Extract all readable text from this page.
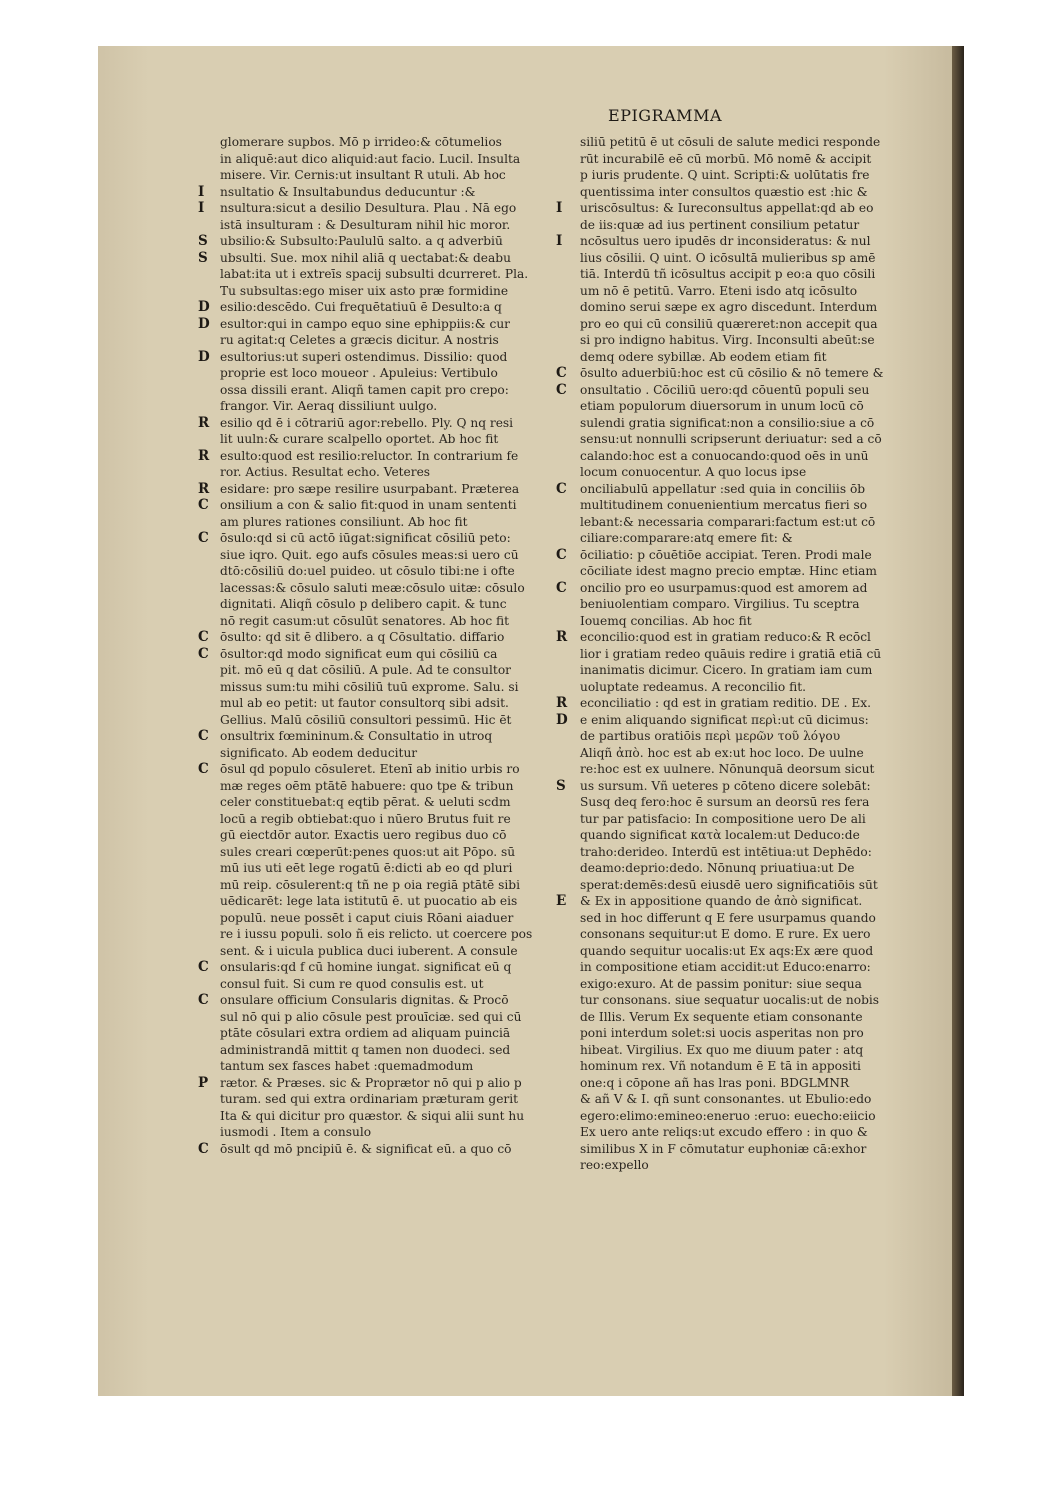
EPIGRAMMA
glomerare supbos. Mō p irrideo:& cōtumelios
in aliquē:aut dico aliquid:aut facio. Lucil. Insulta
misere. Vir. Cernis:ut insultant R utuli. Ab hoc
I nsultatio & Insultabundus deducuntur :&
I nsultura:sicut a desilio Desultura. Plau . Nā ego
istā insulturam : & Desulturam nihil hic moror.
S ubsilio:& Subsulto:Paululū salto. a q adverbiū
S ubsulti. Sue. mox nihil aliā q uectabat:& deabu
labat:ita ut i extreīs spacij subsulti dcurreret. Pla.
Tu subsultas:ego miser uix asto præ formidine
D esilio:descēdo. Cui frequētatiuū ē Desulto:a q
D esultor:qui in campo equo sine ephippiis:& cur
ru agitat:q Celetes a græcis dicitur. A nostris
D esultorius:ut superi ostendimus. Dissilio: quod
proprie est loco moueor . Apuleius: Vertibulo
ossa dissili erant. Aliqñ tamen capit pro crepo:
frangor. Vir. Aeraq dissiliunt uulgo.
R esilio qd ē i cōtrariū agor:rebello. Ply. Q nq resi
lit uuln:& curare scalpello oportet. Ab hoc fit
R esulto:quod est resilio:reluctor. In contrarium fe
ror. Actius. Resultat echo. Veteres
R esidare: pro sæpe resilire usurpabant. Præterea
C onsilium a con & salio fit:quod in unam sententi
am plures rationes consiliunt. Ab hoc fit
C ōsulo:qd si cū actō iūgat:significat cōsiliū peto:
siue iqro. Quit. ego aufs cōsules meas:si uero cū
dtō:cōsiliū do:uel puideo. ut cōsulo tibi:ne i ofte
lacessas:& cōsulo saluti meæ:cōsulo uitæ: cōsulo
dignitati. Aliqñ cōsulo p delibero capit. & tunc
nō regit casum:ut cōsulūt senatores. Ab hoc fit
C ōsulto: qd sit ē dlibero. a q Cōsultatio. diffario
C ōsultor:qd modo significat eum qui cōsiliū ca
pit. mō eū q dat cōsiliū. A pule. Ad te consultor
missus sum:tu mihi cōsiliū tuū exprome. Salu. si
mul ab eo petit: ut fautor consultorq sibi adsit.
Gellius. Malū cōsiliū consultori pessimū. Hic ēt
C onsultrix fœmininum.& Consultatio in utroq
significato. Ab eodem deducitur
C ōsul qd populo cōsuleret. Etenī ab initio urbis ro
mæ reges oēm ptātē habuere: quo tpe & tribun
celer constituebat:q eqtib pērat. & ueluti scdm
locū a regib obtiebat:quo i nūero Brutus fuit re
gū eiectdōr autor. Exactis uero regibus duo cō
sules creari cœperūt:penes quos:ut ait Pōpo. sū
mū ius uti eēt lege rogatū ē:dicti ab eo qd pluri
mū reip. cōsulerent:q tñ ne p oia regiā ptātē sibi
uēdicarēt: lege lata istitutū ē. ut puocatio ab eis
populū. neue possēt i caput ciuis Rōani aiaduer
re i iussu populi. solo ñ eis relicto. ut coercere pos
sent. & i uicula publica duci iuberent. A consule
C onsularis:qd f cū homine iungat. significat eū q
consul fuit. Si cum re quod consulis est. ut
C onsulare officium Consularis dignitas. & Procō
sul nō qui p alio cōsule pest prouīciæ. sed qui cū
ptāte cōsulari extra ordiem ad aliquam puinciā
administrandā mittit q tamen non duodeci. sed
tantum sex fasces habet :quemadmodum
P rætor. & Præses. sic & Proprætor nō qui p alio p
turam. sed qui extra ordinariam præturam gerit
Ita & qui dicitur pro quæstor. & siqui alii sunt hu
iusmodi . Item a consulo
C ōsult qd mō pncipiū ē. & significat eū. a quo cō
siliū petitū ē ut cōsuli de salute medici responde
rūt incurabilē eē cū morbū. Mō nomē & accipit
p iuris prudente. Q uint. Scripti:& uolūtatis fre
quentissima inter consultos quæstio est :hic &
I uriscōsultus: & Iureconsultus appellat:qd ab eo
de iis:quæ ad ius pertinent consilium petatur
I ncōsultus uero ipudēs dr inconsideratus: & nul
lius cōsilii. Q uint. O icōsultā mulieribus sp amē
tiā. Interdū tñ icōsultus accipit p eo:a quo cōsili
um nō ē petitū. Varro. Eteni isdo atq icōsulto
domino serui sæpe ex agro discedunt. Interdum
pro eo qui cū consiliū quæreret:non accepit qua
si pro indigno habitus. Virg. Inconsulti abeūt:se
demq odere sybillæ. Ab eodem etiam fit
C ōsulto aduerbiū:hoc est cū cōsilio & nō temere &
C onsultatio . Cōciliū uero:qd cōuentū populi seu
etiam populorum diuersorum in unum locū cō
sulendi gratia significat:non a consilio:siue a cō
sensu:ut nonnulli scripserunt deriuatur: sed a cō
calando:hoc est a conuocando:quod oēs in unū
locum conuocentur. A quo locus ipse
C onciliabulū appellatur :sed quia in conciliis ōb
multitudinem conuenientium mercatus fieri so
lebant:& necessaria comparari:factum est:ut cō
ciliare:comparare:atq emere fit: &
C ōciliatio: p cōuētiōe accipiat. Teren. Prodi male
cōciliate idest magno precio emptæ. Hinc etiam
C oncilio pro eo usurpamus:quod est amorem ad
beniuolentiam comparo. Virgilius. Tu sceptra
Iouemq concilias. Ab hoc fit
R econcilio:quod est in gratiam reduco:& R ecōcl
lior i gratiam redeo quāuis redire i gratiā etiā cū
inanimatis dicimur. Cicero. In gratiam iam cum
uoluptate redeamus. A reconcilio fit.
R econciliatio : qd est in gratiam reditio. DE . Ex.
D e enim aliquando significat περὶ:ut cū dicimus:
de partibus oratiōis περὶ μερῶν τοῦ λόγου
Aliqñ ἀπὸ. hoc est ab ex:ut hoc loco. De uulne
re:hoc est ex uulnere. Nōnunquā deorsum sicut
S us sursum. Vñ ueteres p cōteno dicere solebāt:
Susq deq fero:hoc ē sursum an deorsū res fera
tur par patisfacio: In compositione uero De ali
quando significat κατὰ localem:ut Deduco:de
traho:derideo. Interdū est intētiua:ut Dephēdo:
deamo:deprio:dedo. Nōnunq priuatiua:ut De
sperat:demēs:desū eiusdē uero significatiōis sūt
E & Ex in appositione quando de ἀπὸ significat.
sed in hoc differunt q E fere usurpamus quando
consonans sequitur:ut E domo. E rure. Ex uero
quando sequitur uocalis:ut Ex aqs:Ex ære quod
in compositione etiam accidit:ut Educo:enarro:
exigo:exuro. At de passim ponitur: siue sequa
tur consonans. siue sequatur uocalis:ut de nobis
de Illis. Verum Ex sequente etiam consonante
poni interdum solet:si uocis asperitas non pro
hibeat. Virgilius. Ex quo me diuum pater : atq
hominum rex. Vñ notandum ē E tā in appositi
one:q i cōpone añ has lras poni. BDGLMNR
& añ V & I. qñ sunt consonantes. ut Ebulio:edo
egero:elimo:emineo:eneruo :eruo: euecho:eiicio
Ex uero ante reliqs:ut excudo effero : in quo &
similibus X in F cōmutatur euphoniæ cā:exhor
reo:expello
